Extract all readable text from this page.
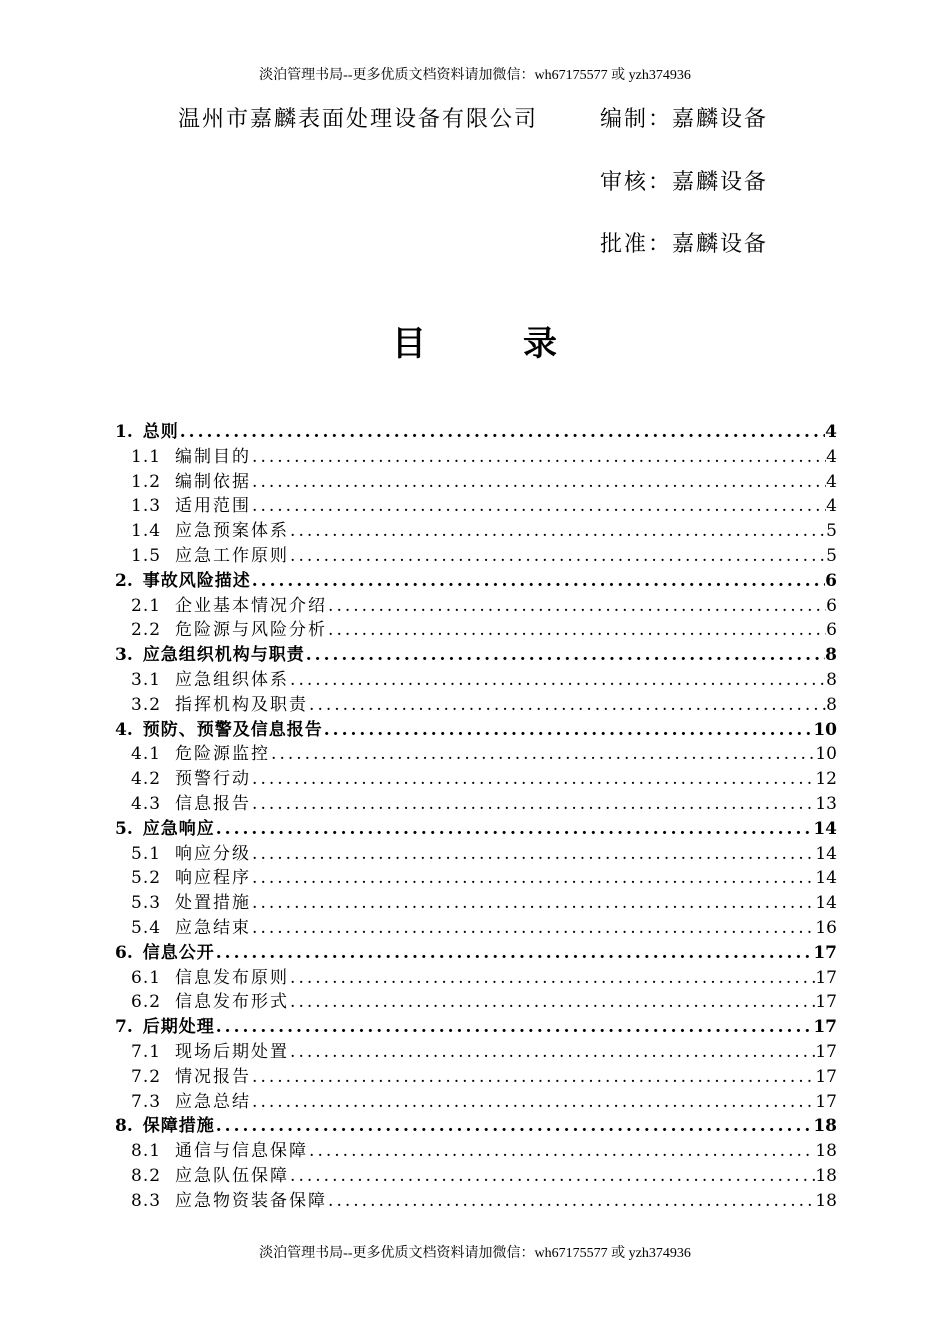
淡泊管理书局--更多优质文档资料请加微信：wh67175577 或 yzh374936
温州市嘉麟表面处理设备有限公司	编制：嘉麟设备
审核：嘉麟设备
批准：嘉麟设备
目	录
1. 总则 .....	4
1.1 编制目的 .....	4
1.2 编制依据 .....	4
1.3 适用范围 .....	4
1.4 应急预案体系 .....	5
1.5 应急工作原则 .....	5
2. 事故风险描述 .....	6
2.1 企业基本情况介绍 .....	6
2.2 危险源与风险分析 .....	6
3. 应急组织机构与职责 .....	8
3.1 应急组织体系 .....	8
3.2 指挥机构及职责 .....	8
4. 预防、预警及信息报告 .....	10
4.1 危险源监控 .....	10
4.2 预警行动 .....	12
4.3 信息报告 .....	13
5. 应急响应 .....	14
5.1 响应分级 .....	14
5.2 响应程序 .....	14
5.3 处置措施 .....	14
5.4 应急结束 .....	16
6. 信息公开 .....	17
6.1 信息发布原则 .....	17
6.2 信息发布形式 .....	17
7. 后期处理 .....	17
7.1 现场后期处置 .....	17
7.2 情况报告 .....	17
7.3 应急总结 .....	17
8. 保障措施 .....	18
8.1 通信与信息保障 .....	18
8.2 应急队伍保障 .....	18
8.3 应急物资装备保障 .....	18
淡泊管理书局--更多优质文档资料请加微信：wh67175577 或 yzh374936
